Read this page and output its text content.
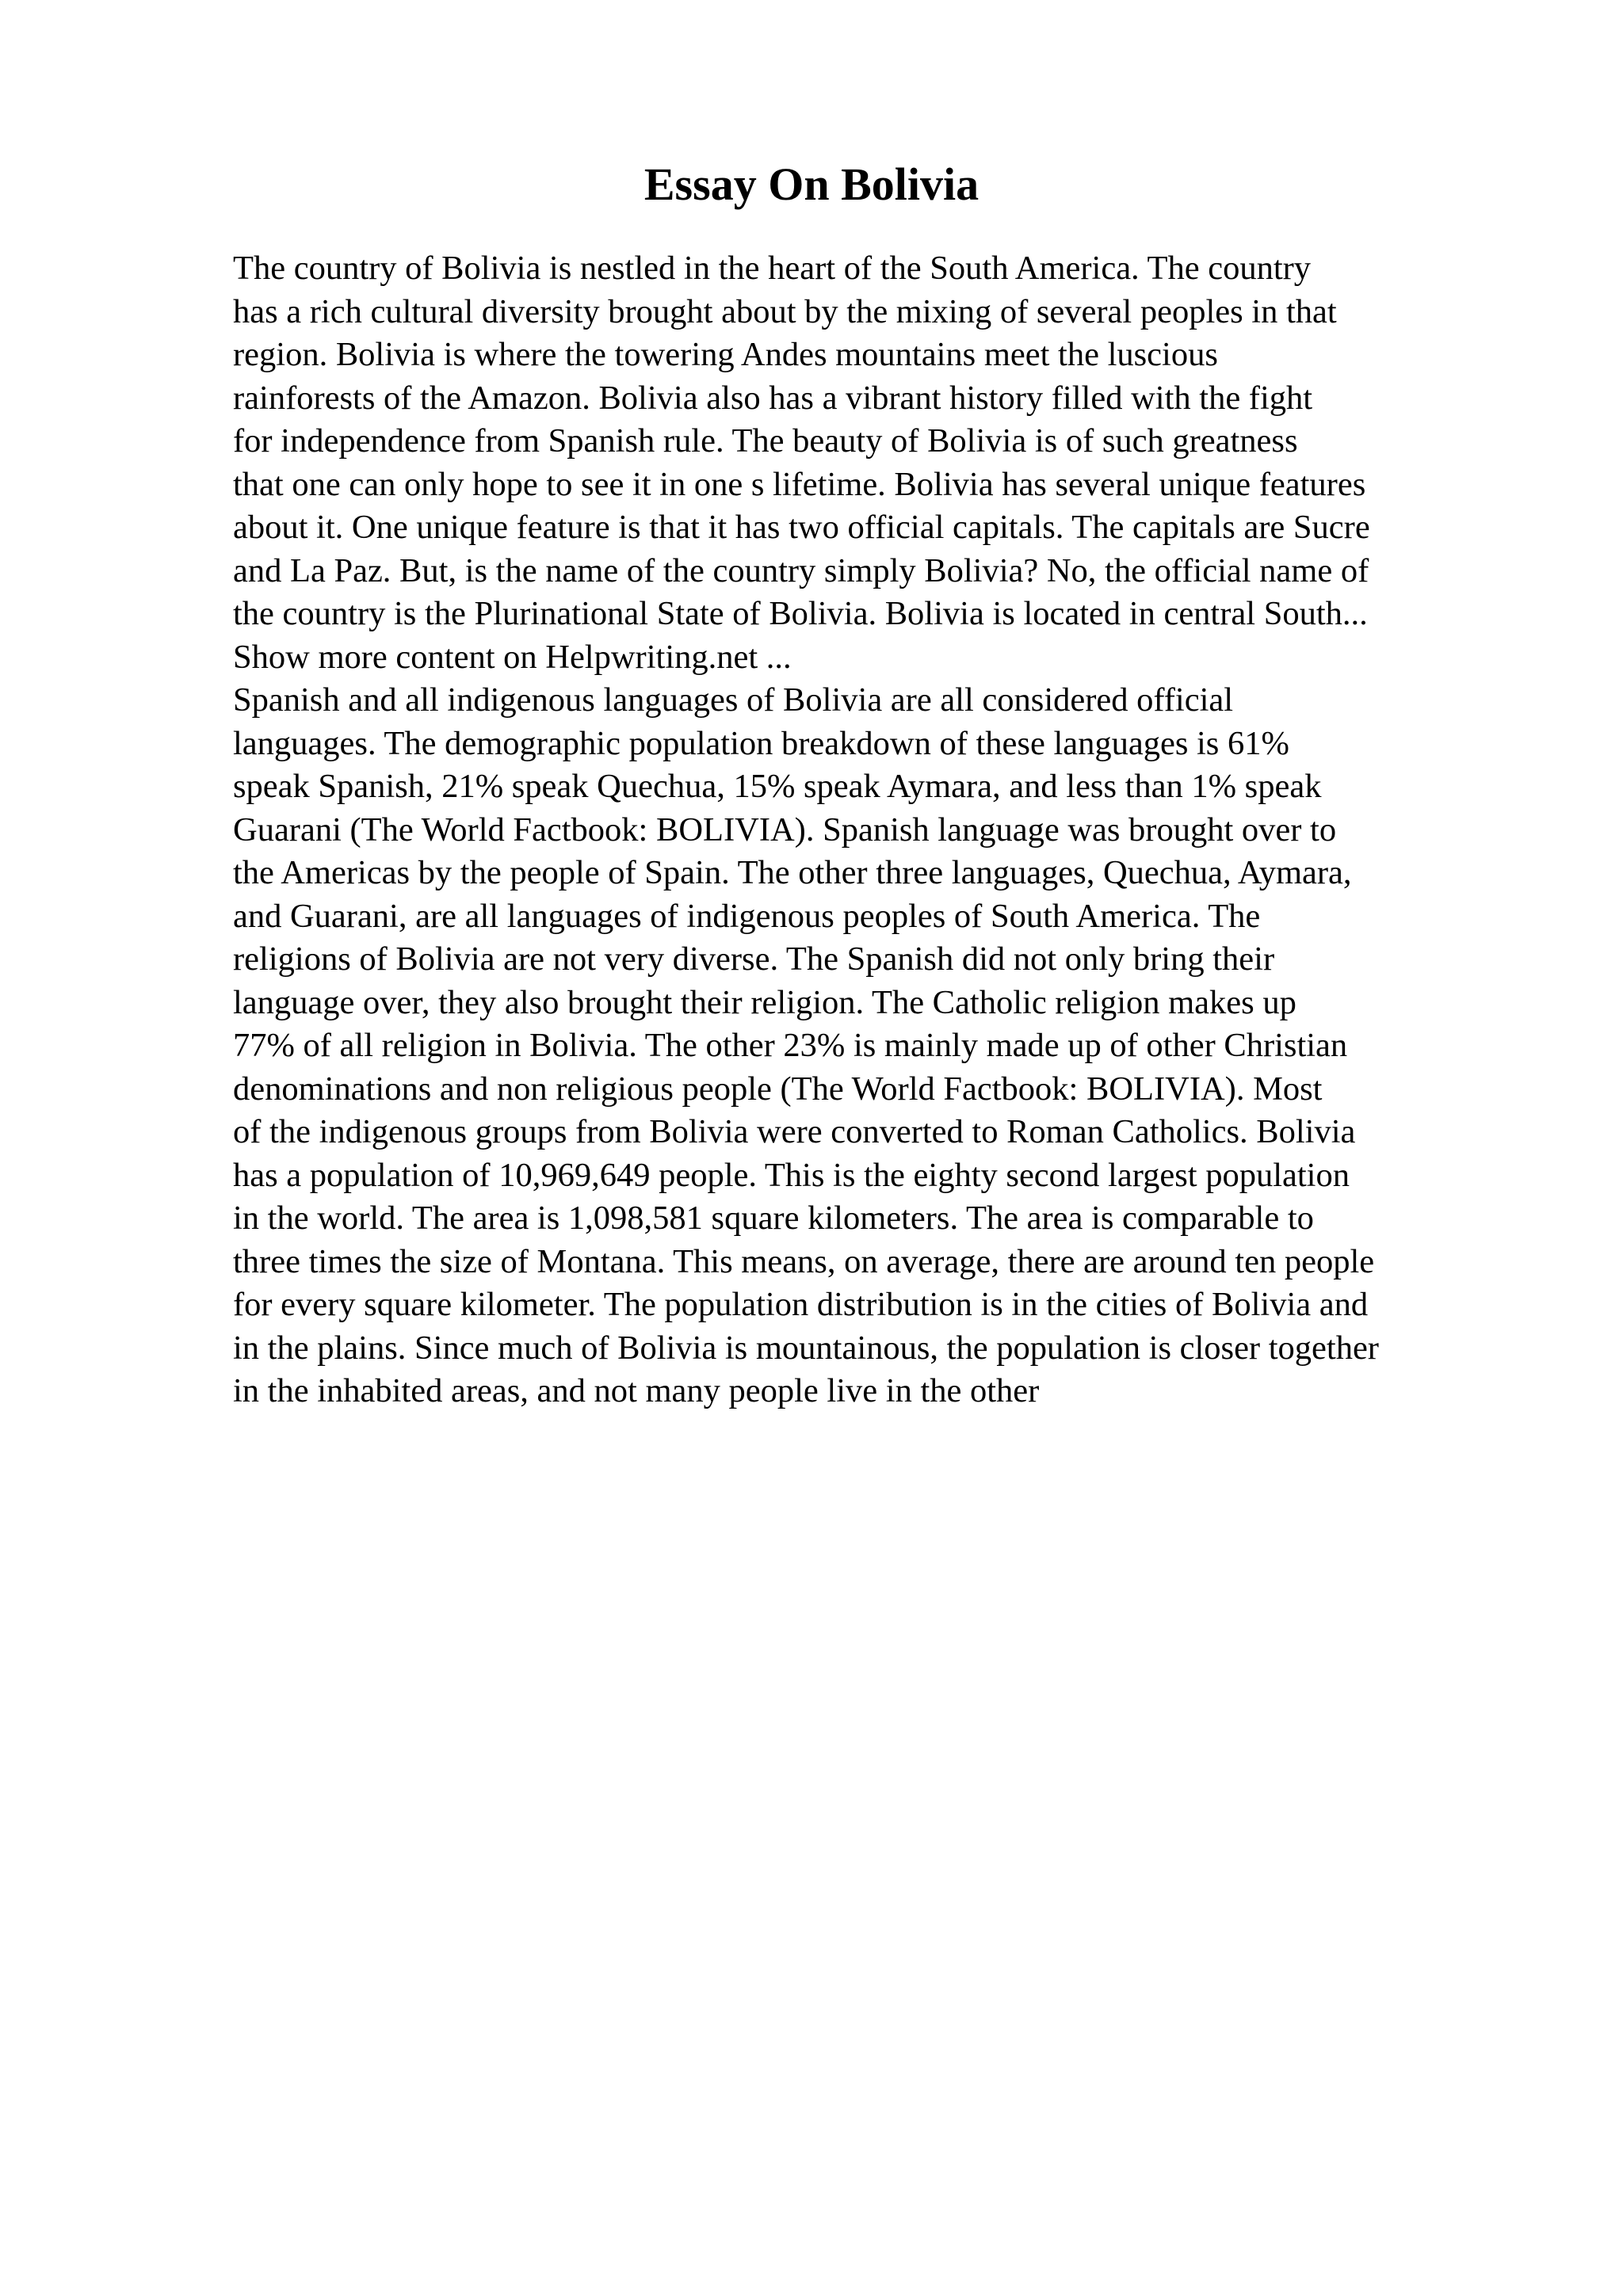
Essay On Bolivia
The country of Bolivia is nestled in the heart of the South America. The country
has a rich cultural diversity brought about by the mixing of several peoples in that
region. Bolivia is where the towering Andes mountains meet the luscious
rainforests of the Amazon. Bolivia also has a vibrant history filled with the fight
for independence from Spanish rule. The beauty of Bolivia is of such greatness
that one can only hope to see it in one s lifetime. Bolivia has several unique features
about it. One unique feature is that it has two official capitals. The capitals are Sucre
and La Paz. But, is the name of the country simply Bolivia? No, the official name of
the country is the Plurinational State of Bolivia. Bolivia is located in central South...
Show more content on Helpwriting.net ...
Spanish and all indigenous languages of Bolivia are all considered official
languages. The demographic population breakdown of these languages is 61%
speak Spanish, 21% speak Quechua, 15% speak Aymara, and less than 1% speak
Guarani (The World Factbook: BOLIVIA). Spanish language was brought over to
the Americas by the people of Spain. The other three languages, Quechua, Aymara,
and Guarani, are all languages of indigenous peoples of South America. The
religions of Bolivia are not very diverse. The Spanish did not only bring their
language over, they also brought their religion. The Catholic religion makes up
77% of all religion in Bolivia. The other 23% is mainly made up of other Christian
denominations and non religious people (The World Factbook: BOLIVIA). Most
of the indigenous groups from Bolivia were converted to Roman Catholics. Bolivia
has a population of 10,969,649 people. This is the eighty second largest population
in the world. The area is 1,098,581 square kilometers. The area is comparable to
three times the size of Montana. This means, on average, there are around ten people
for every square kilometer. The population distribution is in the cities of Bolivia and
in the plains. Since much of Bolivia is mountainous, the population is closer together
in the inhabited areas, and not many people live in the other
